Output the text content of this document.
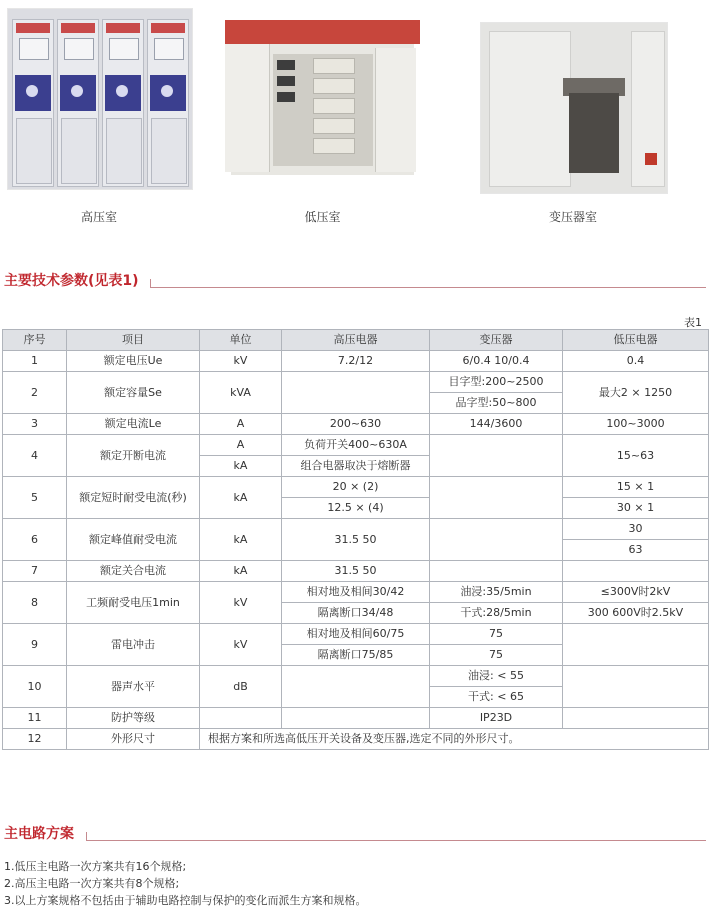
高压室	低压室	变压器室
主要技术参数(见表1)
表1
序号	项目	单位	高压电器	变压器	低压电器
1	额定电压Ue	kV	7.2/12	6/0.4 10/0.4	0.4
2	额定容量Se	kVA		目字型:200~2500	最大2 × 1250
				品字型:50~800	
3	额定电流Le	A	200~630	144/3600	100~3000
4	额定开断电流	A	负荷开关400~630A		15~63
		kA	组合电器取决于熔断器		
5	额定短时耐受电流(秒)	kA	20 × (2)		15 × 1
			12.5 × (4)		30 × 1
6	额定峰值耐受电流	kA	31.5 50		30
					63
7	额定关合电流	kA	31.5 50		
8	工频耐受电压1min	kV	相对地及相间30/42	油浸:35/5min	≤300V时2kV
			隔离断口34/48	干式:28/5min	300 600V时2.5kV
9	雷电冲击	kV	相对地及相间60/75	75	
			隔离断口75/85	75	
10	器声水平	dB		油浸: < 55	
				干式: < 65	
11	防护等级			IP23D	
12	外形尺寸	根据方案和所选高低压开关设备及变压器,选定不同的外形尺寸。			
主电路方案
1.低压主电路一次方案共有16个规格;
2.高压主电路一次方案共有8个规格;
3.以上方案规格不包括由于辅助电路控制与保护的变化而派生方案和规格。
